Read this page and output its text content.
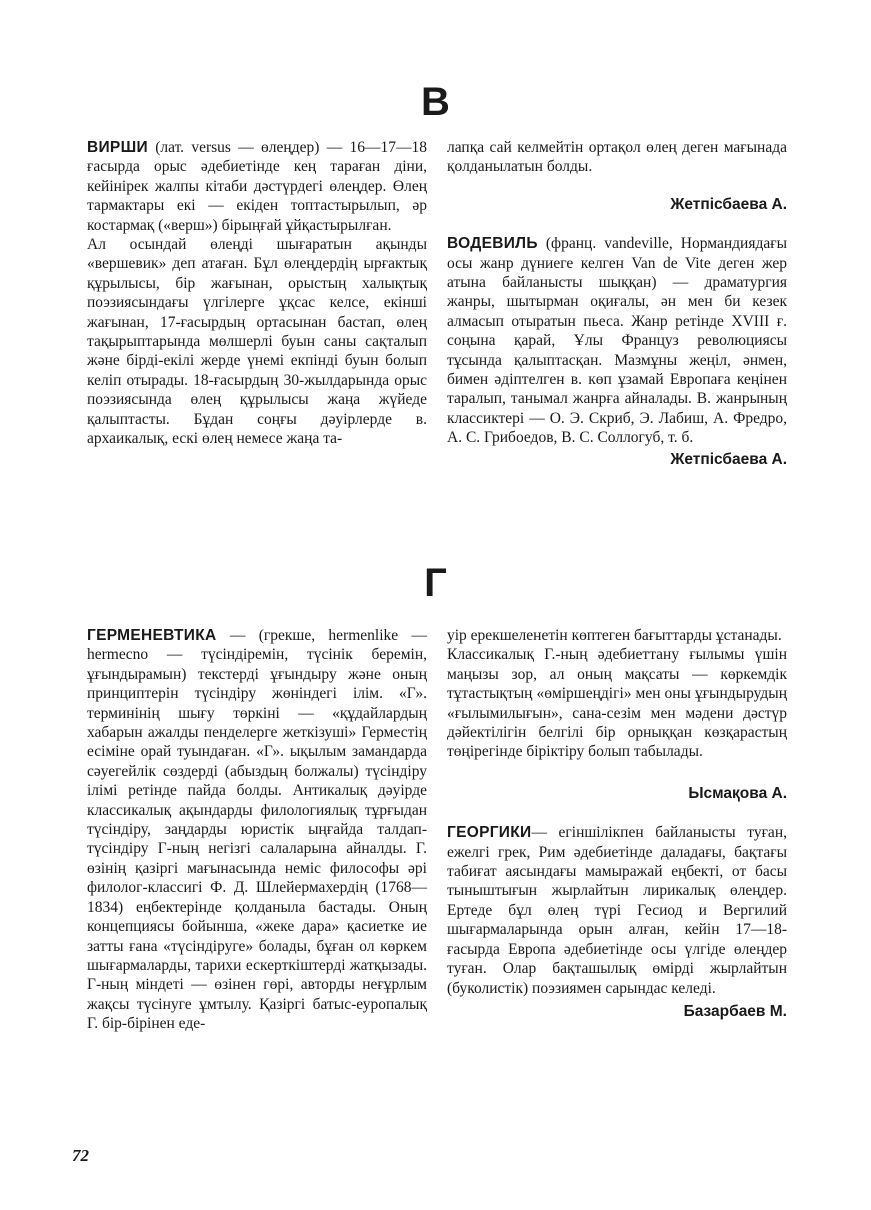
В

ВИРШИ (лат. versus — өлеңдер) — 16—17—18 ғасырда орыс әдебиетінде кең тараған діни, кейінірек жалпы кітаби дәстүрдегі өлеңдер. Өлең тармактары екі — екіден топтастырылып, әр костармақ («верш») бірыңғай ұйқастырылған.

Ал осындай өлеңді шығаратын ақынды «вершевик» деп атаған. Бұл өлеңдердің ырғактық құрылысы, бір жағынан, орыстың халықтық поэзиясындағы үлгілерге ұқсас келсе, екінші жағынан, 17-ғасырдың ортасынан бастап, өлең тақырыптарында мөлшерлі буын саны сақталып және бірді-екілі жерде үнемі екпінді буын болып келіп отырады. 18-ғасырдың 30-жылдарында орыс поэзиясында өлең құрылысы жаңа жүйеде қалыптасты. Бұдан соңғы дәуірлерде в. архаикалық, ескі өлең немесе жаңа та-

лапқа сай келмейтін ортақол өлең деген мағынада қолданылатын болды.

Жетпісбаева А.

ВОДЕВИЛЬ (франц. vandeville, Нормандиядағы осы жанр дүниеге келген Van de Vite деген жер атына байланысты шыққан) — драматургия жанры, шытырман оқиғалы, ән мен би кезек алмасып отыратын пьеса. Жанр ретінде XVIII ғ. соңына қарай, Ұлы Француз революциясы тұсында қалыптасқан. Мазмұны жеңіл, әнмен, бимен әдіптелген в. көп ұзамай Европаға кеңінен таралып, танымал жанрға айналады. В. жанрының классиктері — О. Э. Скриб, Э. Лабиш, А. Фредро, А. С. Грибоедов, В. С. Соллогуб, т. б.

Жетпісбаева А.

Г

ГЕРМЕНЕВТИКА — (грекше, hermenlike — hermecno — түсіндіремін, түсінік беремін, ұғындырамын) текстерді ұғындыру және оның принциптерін түсіндіру жөніндегі ілім. «Г». терминінің шығу төркіні — «құдайлардың хабарын ажалды пенделерге жеткізуші» Герместің есіміне орай туындаған. «Г». ықылым замандарда сәуегейлік сөздерді (абыздың болжалы) түсіндіру ілімі ретінде пайда болды. Антикалық дәуірде классикалық ақындарды филологиялық тұрғыдан түсіндіру, заңдарды юристік ыңғайда талдап-түсіндіру Г-ның негізгі салаларына айналды. Г. өзінің қазіргі мағынасында неміс философы әрі филолог-классигі Ф. Д. Шлейермахердің (1768—1834) еңбектерінде қолданыла бастады. Оның концепциясы бойынша, «жеке дара» қасиетке ие затты ғана «түсіндіруге» болады, бұған ол көркем шығармаларды, тарихи ескерткіштерді жатқызады. Г-ның міндеті — өзінен гөрі, авторды неғұрлым жақсы түсінуге ұмтылу. Қазіргі батыс-еуропалық Г. бір-бірінен еде-

уір ерекшеленетін көптеген бағыттарды ұстанады.

Классикалық Г.-ның әдебиеттану ғылымы үшін маңызы зор, ал оның мақсаты — көркемдік тұтастықтың «өміршеңдігі» мен оны ұғындырудың «ғылымилығын», сана-сезім мен мәдени дәстүр дәйектілігін белгілі бір орныққан көзқарастың төңірегінде біріктіру болып табылады.

Ысмақова А.

ГЕОРГИКИ— егіншілікпен байланысты туған, ежелгі грек, Рим әдебиетінде даладағы, бақтағы табиғат аясындағы мамыражай еңбекті, от басы тыныштығын жырлайтын лирикалық өлеңдер. Ертеде бұл өлең түрі Гесиод и Вергилий шығармаларында орын алған, кейін 17—18-ғасырда Европа әдебиетінде осы үлгіде өлеңдер туған. Олар бақташылық өмірді жырлайтын (буколистік) поэзиямен сарындас келеді.

Базарбаев М.

72
